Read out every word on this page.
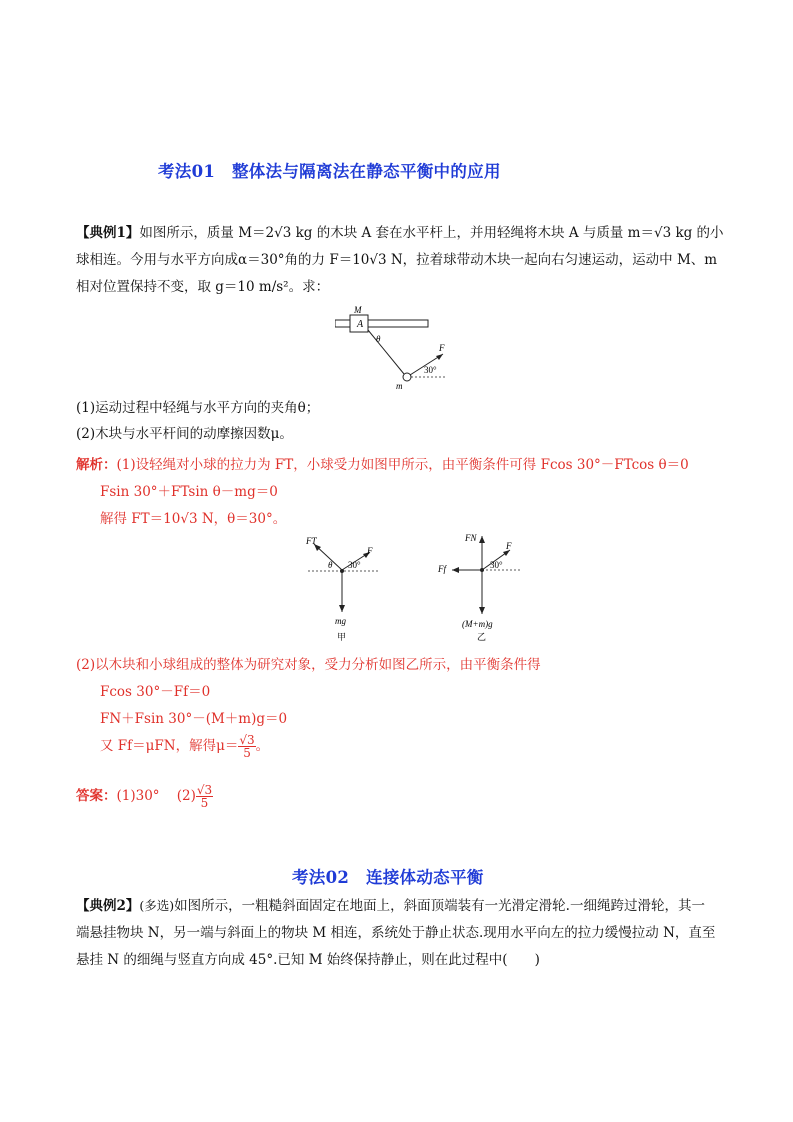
考法01　整体法与隔离法在静态平衡中的应用
【典例1】如图所示，质量 M＝2√3 kg 的木块 A 套在水平杆上，并用轻绳将木块 A 与质量 m＝√3 kg 的小
球相连。今用与水平方向成α＝30°角的力 F＝10√3 N，拉着球带动木块一起向右匀速运动，运动中 M、m
相对位置保持不变，取 g＝10 m/s²。求：
A
M
θ
m
F
30°
(1)运动过程中轻绳与水平方向的夹角θ；
(2)木块与水平杆间的动摩擦因数μ。
解析：(1)设轻绳对小球的拉力为 FT，小球受力如图甲所示，由平衡条件可得 Fcos 30°－FTcos θ＝0
Fsin 30°＋FTsin θ－mg＝0
解得 FT＝10√3 N，θ＝30°。
FT
F
θ 30°
mg
甲
FN
F
Ff	30°
(M+m)g
乙
(2)以木块和小球组成的整体为研究对象，受力分析如图乙所示，由平衡条件得
Fcos 30°－Ff＝0
FN＋Fsin 30°－(M＋m)g＝0
又 Ff＝μFN，解得$\mu= \frac{√3}{5}$ 。
答案：(1)30° $(2) \frac{√3}{5}$
考法02　连接体动态平衡
【典例2】(多选)如图所示，一粗糙斜面固定在地面上，斜面顶端装有一光滑定滑轮.一细绳跨过滑轮，其一
端悬挂物块 N，另一端与斜面上的物块 M 相连，系统处于静止状态.现用水平向左的拉力缓慢拉动 N，直至
悬挂 N 的细绳与竖直方向成 45°.已知 M 始终保持静止，则在此过程中(　　)
